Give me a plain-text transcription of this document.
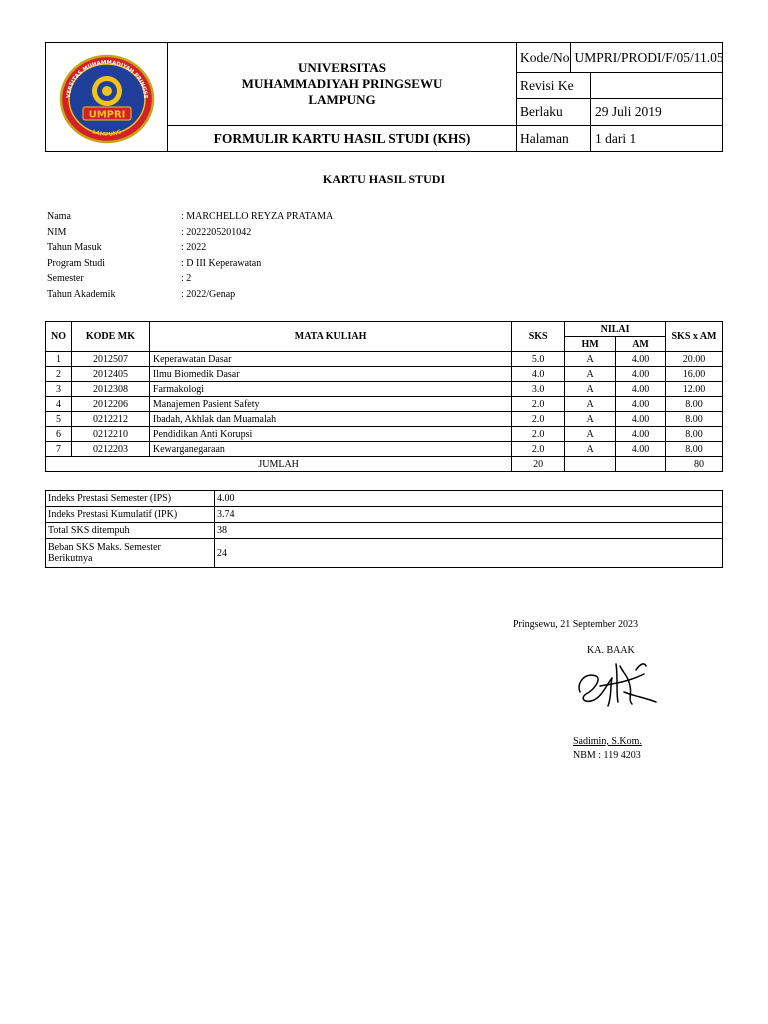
VERSITAS MUHAMMADIYAH PRINGSE
UMPRI
LAMPUNG
UNIVERSITAS
MUHAMMADIYAH PRINGSEWU
LAMPUNG
FORMULIR KARTU HASIL STUDI (KHS)
Kode/No UMPRI/PRODI/F/05/11.05
Revisi Ke
Berlaku	29 Juli 2019
Halaman	1 dari 1
KARTU HASIL STUDI
Nama	: MARCHELLO REYZA PRATAMA
NIM	: 2022205201042
Tahun Masuk	: 2022
Program Studi	: D III Keperawatan
Semester	: 2
Tahun Akademik	: 2022/Genap
NO	KODE MK	MATA KULIAH	SKS	NILAI		SKS x AM
				HM	AM	
1	2012507	Keperawatan Dasar	5.0	A	4.00	20.00
2	2012405	Ilmu Biomedik Dasar	4.0	A	4.00	16.00
3	2012308	Farmakologi	3.0	A	4.00	12.00
4	2012206	Manajemen Pasient Safety	2.0	A	4.00	8.00
5	0212212	Ibadah, Akhlak dan Muamalah	2.0	A	4.00	8.00
6	0212210	Pendidikan Anti Korupsi	2.0	A	4.00	8.00
7	0212203	Kewarganegaraan	2.0	A	4.00	8.00
JUMLAH			20			80
Indeks Prestasi Semester (IPS)	4.00
Indeks Prestasi Kumulatif (IPK)	3.74
Total SKS ditempuh	38

Beban SKS Maks. Semester
Berikutnya	24
Pringsewu, 21 September 2023
KA. BAAK
Sadimin, S.Kom.
NBM : 119 4203
